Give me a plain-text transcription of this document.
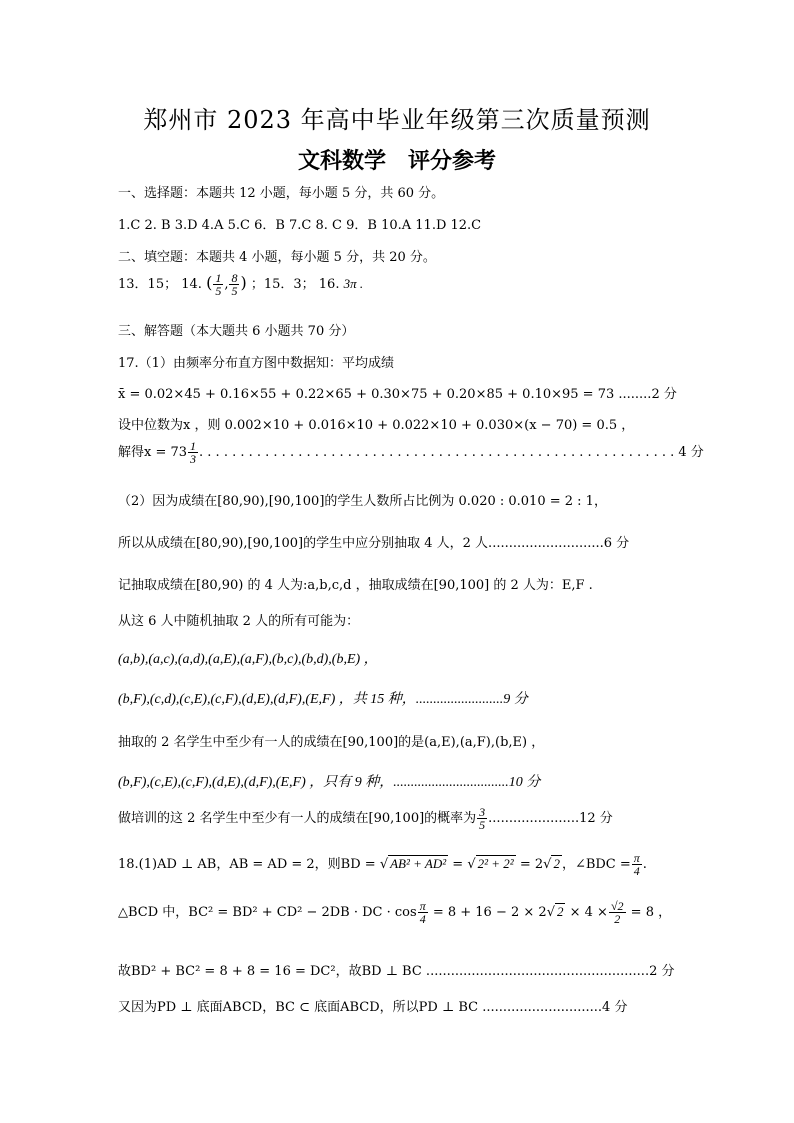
郑州市 2023 年高中毕业年级第三次质量预测
文科数学　评分参考
一、选择题：本题共 12 小题，每小题 5 分，共 60 分。
1.C 2. B 3.D 4.A 5.C 6．B 7.C 8. C 9．B 10.A 11.D 12.C
二、填空题：本题共 4 小题，每小题 5 分，共 20 分。
13．15； 14. ( $\frac{1}{5}$ , $\frac{8}{5}$ ) ；15．3； 16. 3π .
三、解答题（本大题共 6 小题共 70 分）
17.（1）由频率分布直方图中数据知：平均成绩
x̄ = 0.02×45 + 0.16×55 + 0.22×65 + 0.30×75 + 0.20×85 + 0.10×95 = 73 ........2 分
设中位数为x ，则 0.002×10 + 0.016×10 + 0.022×10 + 0.030×(x − 70) = 0.5 ，
解得$x = 73 \frac{1}{3}$ . . . . . . . . . . . . . . . . . . . . . . . . . . . . . . . . . . . . . . . . . . . . . . . . . . . . . . . . . . 4 分
（2）因为成绩在[80,90),[90,100]的学生人数所占比例为 0.020 : 0.010 = 2 : 1，
所以从成绩在[80,90),[90,100]的学生中应分别抽取 4 人，2 人............................6 分
记抽取成绩在[80,90) 的 4 人为:a,b,c,d ，抽取成绩在[90,100] 的 2 人为：E,F .
从这 6 人中随机抽取 2 人的所有可能为：
(a,b),(a,c),(a,d),(a,E),(a,F),(b,c),(b,d),(b,E) ，
(b,F),(c,d),(c,E),(c,F),(d,E),(d,F),(E,F) ，共 15 种，.........................9 分
抽取的 2 名学生中至少有一人的成绩在[90,100]的是(a,E),(a,F),(b,E) ，
(b,F),(c,E),(c,F),(d,E),(d,F),(E,F) ，只有 9 种，.................................10 分
做培训的这 2 名学生中至少有一人的成绩在[90,100]的概率为 $\frac{3}{5} ......................12$ 分
18.(1)AD ⊥ AB，AB = AD = 2，则BD = √ AB² + AD² = √ 2² + 2² = 2√ 2 ，∠BDC = $\frac{\pi}{4}$ .
△BCD 中，BC² = BD² + CD² − 2DB · DC · $\cos \frac{\pi}{4} = 8 + 16 - 2 \times 2√$ $2 \times 4 \times \frac{√2}{2} = 8$ ，
故BD² + BC² = 8 + 8 = 16 = DC²，故BD ⊥ BC ......................................................2 分
又因为PD ⊥ 底面ABCD，BC ⊂ 底面ABCD，所以PD ⊥ BC .............................4 分
